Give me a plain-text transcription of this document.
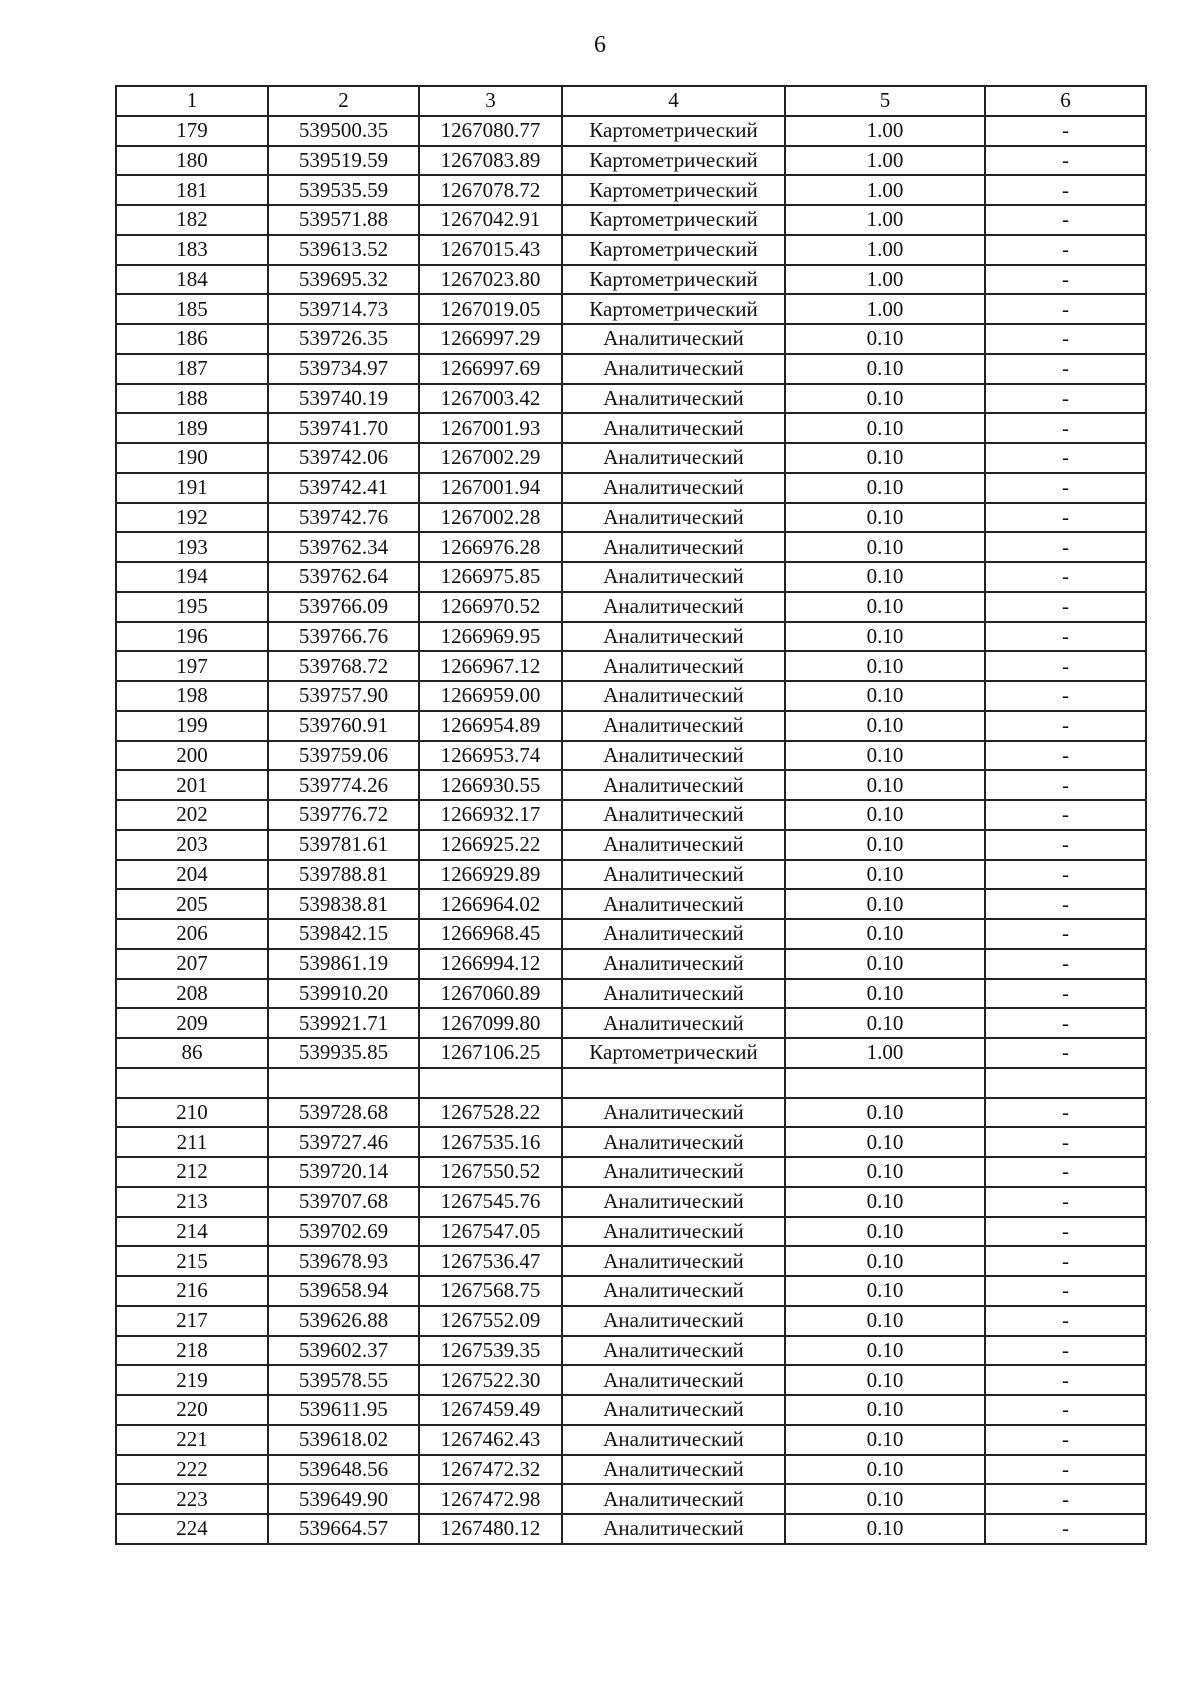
6
1	2	3	4	5	6
179	539500.35	1267080.77	Картометрический	1.00	-
180	539519.59	1267083.89	Картометрический	1.00	-
181	539535.59	1267078.72	Картометрический	1.00	-
182	539571.88	1267042.91	Картометрический	1.00	-
183	539613.52	1267015.43	Картометрический	1.00	-
184	539695.32	1267023.80	Картометрический	1.00	-
185	539714.73	1267019.05	Картометрический	1.00	-
186	539726.35	1266997.29	Аналитический	0.10	-
187	539734.97	1266997.69	Аналитический	0.10	-
188	539740.19	1267003.42	Аналитический	0.10	-
189	539741.70	1267001.93	Аналитический	0.10	-
190	539742.06	1267002.29	Аналитический	0.10	-
191	539742.41	1267001.94	Аналитический	0.10	-
192	539742.76	1267002.28	Аналитический	0.10	-
193	539762.34	1266976.28	Аналитический	0.10	-
194	539762.64	1266975.85	Аналитический	0.10	-
195	539766.09	1266970.52	Аналитический	0.10	-
196	539766.76	1266969.95	Аналитический	0.10	-
197	539768.72	1266967.12	Аналитический	0.10	-
198	539757.90	1266959.00	Аналитический	0.10	-
199	539760.91	1266954.89	Аналитический	0.10	-
200	539759.06	1266953.74	Аналитический	0.10	-
201	539774.26	1266930.55	Аналитический	0.10	-
202	539776.72	1266932.17	Аналитический	0.10	-
203	539781.61	1266925.22	Аналитический	0.10	-
204	539788.81	1266929.89	Аналитический	0.10	-
205	539838.81	1266964.02	Аналитический	0.10	-
206	539842.15	1266968.45	Аналитический	0.10	-
207	539861.19	1266994.12	Аналитический	0.10	-
208	539910.20	1267060.89	Аналитический	0.10	-
209	539921.71	1267099.80	Аналитический	0.10	-
86	539935.85	1267106.25	Картометрический	1.00	-

210	539728.68	1267528.22	Аналитический	0.10	-
211	539727.46	1267535.16	Аналитический	0.10	-
212	539720.14	1267550.52	Аналитический	0.10	-
213	539707.68	1267545.76	Аналитический	0.10	-
214	539702.69	1267547.05	Аналитический	0.10	-
215	539678.93	1267536.47	Аналитический	0.10	-
216	539658.94	1267568.75	Аналитический	0.10	-
217	539626.88	1267552.09	Аналитический	0.10	-
218	539602.37	1267539.35	Аналитический	0.10	-
219	539578.55	1267522.30	Аналитический	0.10	-
220	539611.95	1267459.49	Аналитический	0.10	-
221	539618.02	1267462.43	Аналитический	0.10	-
222	539648.56	1267472.32	Аналитический	0.10	-
223	539649.90	1267472.98	Аналитический	0.10	-
224	539664.57	1267480.12	Аналитический	0.10	-
